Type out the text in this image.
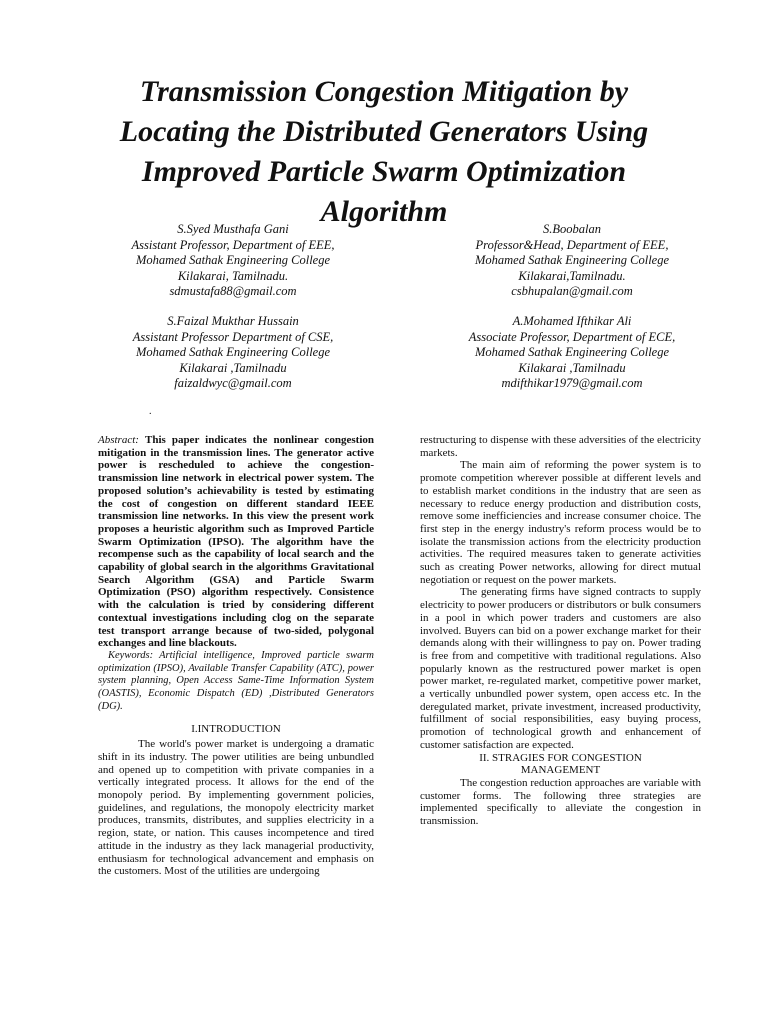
Transmission Congestion Mitigation by
Locating the Distributed Generators Using
Improved Particle Swarm Optimization
Algorithm
S.Syed Musthafa Gani
Assistant Professor, Department of EEE,
Mohamed Sathak Engineering College
Kilakarai, Tamilnadu.
sdmustafa88@gmail.com
S.Boobalan
Professor&Head, Department of EEE,
Mohamed Sathak Engineering College
Kilakarai,Tamilnadu.
csbhupalan@gmail.com
S.Faizal Mukthar Hussain
Assistant Professor Department of CSE,
Mohamed Sathak Engineering College
Kilakarai ,Tamilnadu
faizaldwyc@gmail.com
A.Mohamed Ifthikar Ali
Associate Professor, Department of ECE,
Mohamed Sathak Engineering College
Kilakarai ,Tamilnadu
mdifthikar1979@gmail.com
.

Abstract: This paper indicates the nonlinear congestion mitigation in the transmission lines. The generator active power is rescheduled to achieve the congestion-transmission line network in electrical power system. The proposed solution’s achievability is tested by estimating the cost of congestion on different standard IEEE transmission line networks. In this view the present work proposes a heuristic algorithm such as Improved Particle Swarm Optimization (IPSO). The algorithm have the recompense such as the capability of local search and the capability of global search in the algorithms Gravitational Search Algorithm (GSA) and Particle Swarm Optimization (PSO) algorithm respectively. Consistence with the calculation is tried by considering different contextual investigations including clog on the separate test transport arrange because of two-sided, polygonal exchanges and line blackouts.

Keywords: Artificial intelligence, Improved particle swarm optimization (IPSO), Available Transfer Capability (ATC), power system planning, Open Access Same-Time Information System (OASTIS), Economic Dispatch (ED) ,Distributed Generators (DG).

I.INTRODUCTION

The world's power market is undergoing a dramatic shift in its industry. The power utilities are being unbundled and opened up to competition with private companies in a vertically integrated process. It allows for the end of the monopoly period. By implementing government policies, guidelines, and regulations, the monopoly electricity market produces, transmits, distributes, and supplies electricity in a region, state, or nation. This causes incompetence and tired attitude in the industry as they lack managerial productivity, enthusiasm for technological advancement and emphasis on the customers. Most of the utilities are undergoing

restructuring to dispense with these adversities of the electricity markets.

The main aim of reforming the power system is to promote competition wherever possible at different levels and to establish market conditions in the industry that are seen as necessary to reduce energy production and distribution costs, remove some inefficiencies and increase consumer choice. The first step in the energy industry's reform process would be to isolate the transmission actions from the electricity production activities. The required measures taken to generate activities such as creating Power networks, allowing for direct mutual negotiation or request on the power markets.

The generating firms have signed contracts to supply electricity to power producers or distributors or bulk consumers in a pool in which power traders and customers are also involved. Buyers can bid on a power exchange market for their demands along with their willingness to pay on. Power trading is free from and competitive with traditional regulations. Also popularly known as the restructured power market is open power market, re-regulated market, competitive power market, a vertically unbundled power system, open access etc. In the deregulated market, private investment, increased productivity, fulfillment of social responsibilities, easy buying process, promotion of technological growth and enhancement of customer satisfaction are expected.

II. STRAGIES FOR CONGESTION

MANAGEMENT

The congestion reduction approaches are variable with customer forms. The following three strategies are implemented specifically to alleviate the congestion in transmission.
